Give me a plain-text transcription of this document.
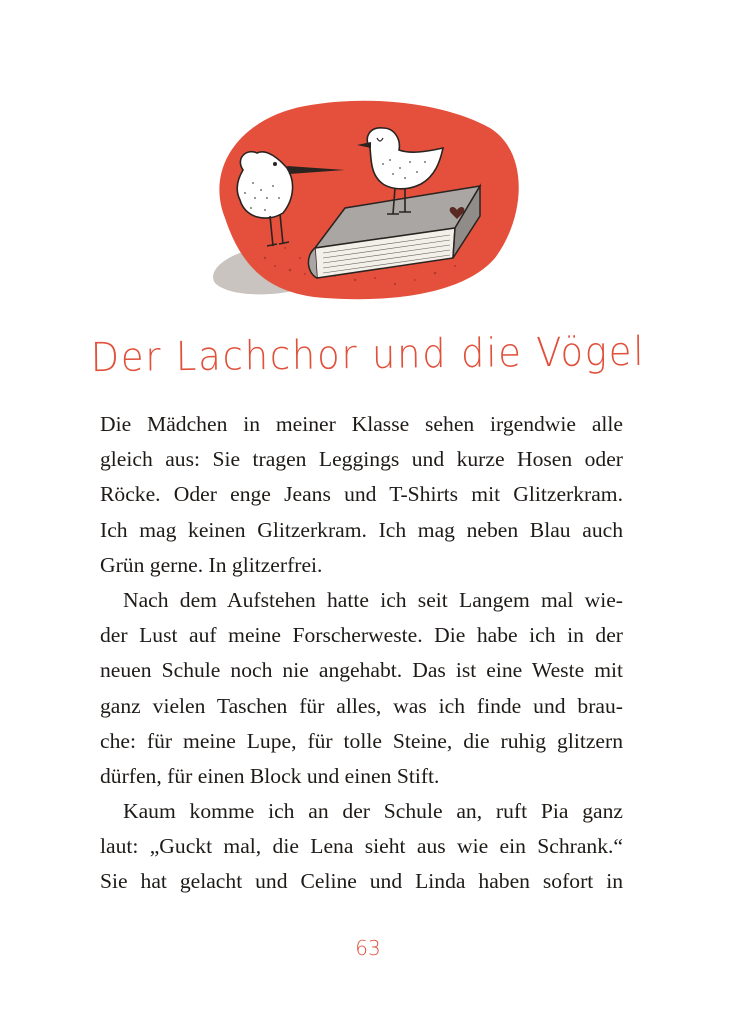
Der Lachchor und die Vögel
Die Mädchen in meiner Klasse sehen irgendwie alle
gleich aus: Sie tragen Leggings und kurze Hosen oder
Röcke. Oder enge Jeans und T-Shirts mit Glitzerkram.
Ich mag keinen Glitzerkram. Ich mag neben Blau auch
Grün gerne. In glitzerfrei.
Nach dem Aufstehen hatte ich seit Langem mal wie-
der Lust auf meine Forscherweste. Die habe ich in der
neuen Schule noch nie angehabt. Das ist eine Weste mit
ganz vielen Taschen für alles, was ich finde und brau-
che: für meine Lupe, für tolle Steine, die ruhig glitzern
dürfen, für einen Block und einen Stift.
Kaum komme ich an der Schule an, ruft Pia ganz
laut: „Guckt mal, die Lena sieht aus wie ein Schrank.“
Sie hat gelacht und Celine und Linda haben sofort in
63
